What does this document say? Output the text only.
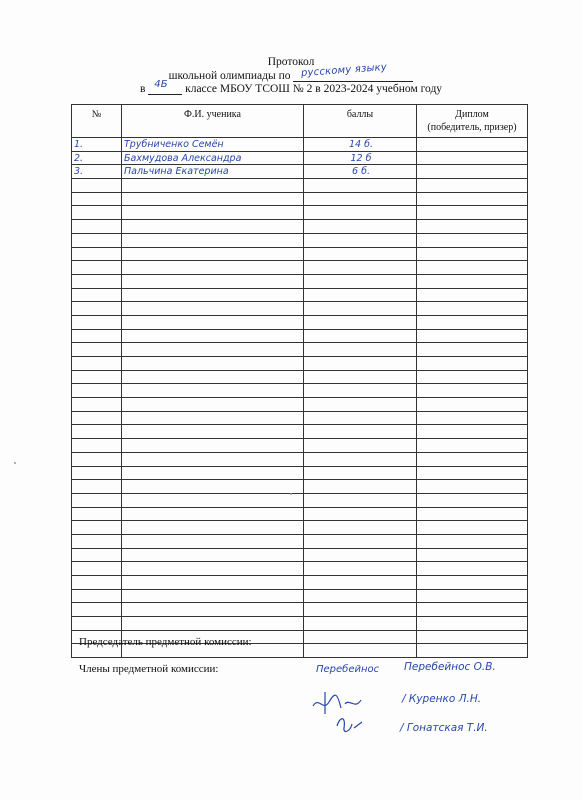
Протокол
школьной олимпиады по русскому языку
в 4Б классе МБОУ ТСОШ № 2 в 2023-2024 учебном году
№	Ф.И. ученика	баллы	Диплом
(победитель, призер)
1.	Трубниченко Семён	14 б.	
2.	Бахмудова Александра	12 б	
3.	Пальчина Екатерина	6 б.	

Председатель предметной комиссии:
Члены предметной комиссии:	Перебейнос Перебейнос О.В.
/ Куренко Л.Н.
/ Гонатская Т.И.
